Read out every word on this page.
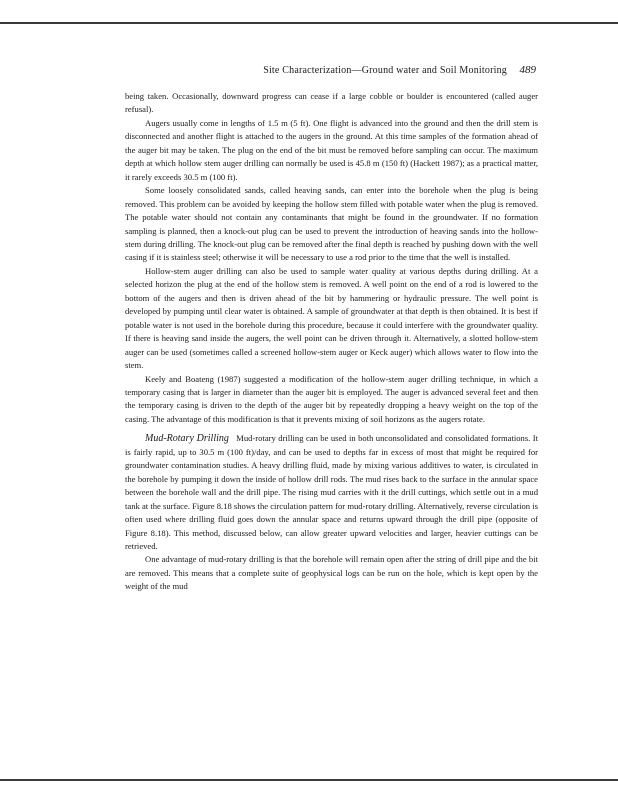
Site Characterization—Ground water and Soil Monitoring 489

being taken. Occasionally, downward progress can cease if a large cobble or boulder is encountered (called auger refusal).

Augers usually come in lengths of 1.5 m (5 ft). One flight is advanced into the ground and then the drill stem is disconnected and another flight is attached to the augers in the ground. At this time samples of the formation ahead of the auger bit may be taken. The plug on the end of the bit must be removed before sampling can occur. The maximum depth at which hollow stem auger drilling can normally be used is 45.8 m (150 ft) (Hackett 1987); as a practical matter, it rarely exceeds 30.5 m (100 ft).

Some loosely consolidated sands, called heaving sands, can enter into the borehole when the plug is being removed. This problem can be avoided by keeping the hollow stem filled with potable water when the plug is removed. The potable water should not contain any contaminants that might be found in the groundwater. If no formation sampling is planned, then a knock-out plug can be used to prevent the introduction of heaving sands into the hollow-stem during drilling. The knock-out plug can be removed after the final depth is reached by pushing down with the well casing if it is stainless steel; otherwise it will be necessary to use a rod prior to the time that the well is installed.

Hollow-stem auger drilling can also be used to sample water quality at various depths during drilling. At a selected horizon the plug at the end of the hollow stem is removed. A well point on the end of a rod is lowered to the bottom of the augers and then is driven ahead of the bit by hammering or hydraulic pressure. The well point is developed by pumping until clear water is obtained. A sample of groundwater at that depth is then obtained. It is best if potable water is not used in the borehole during this procedure, because it could interfere with the groundwater quality. If there is heaving sand inside the augers, the well point can be driven through it. Alternatively, a slotted hollow-stem auger can be used (sometimes called a screened hollow-stem auger or Keck auger) which allows water to flow into the stem.

Keely and Boateng (1987) suggested a modification of the hollow-stem auger drilling technique, in which a temporary casing that is larger in diameter than the auger bit is employed. The auger is advanced several feet and then the temporary casing is driven to the depth of the auger bit by repeatedly dropping a heavy weight on the top of the casing. The advantage of this modification is that it prevents mixing of soil horizons as the augers rotate.

Mud-Rotary Drilling Mud-rotary drilling can be used in both unconsolidated and consolidated formations. It is fairly rapid, up to 30.5 m (100 ft)/day, and can be used to depths far in excess of most that might be required for groundwater contamination studies. A heavy drilling fluid, made by mixing various additives to water, is circulated in the borehole by pumping it down the inside of hollow drill rods. The mud rises back to the surface in the annular space between the borehole wall and the drill pipe. The rising mud carries with it the drill cuttings, which settle out in a mud tank at the surface. Figure 8.18 shows the circulation pattern for mud-rotary drilling. Alternatively, reverse circulation is often used where drilling fluid goes down the annular space and returns upward through the drill pipe (opposite of Figure 8.18). This method, discussed below, can allow greater upward velocities and larger, heavier cuttings can be retrieved.

One advantage of mud-rotary drilling is that the borehole will remain open after the string of drill pipe and the bit are removed. This means that a complete suite of geophysical logs can be run on the hole, which is kept open by the weight of the mud
